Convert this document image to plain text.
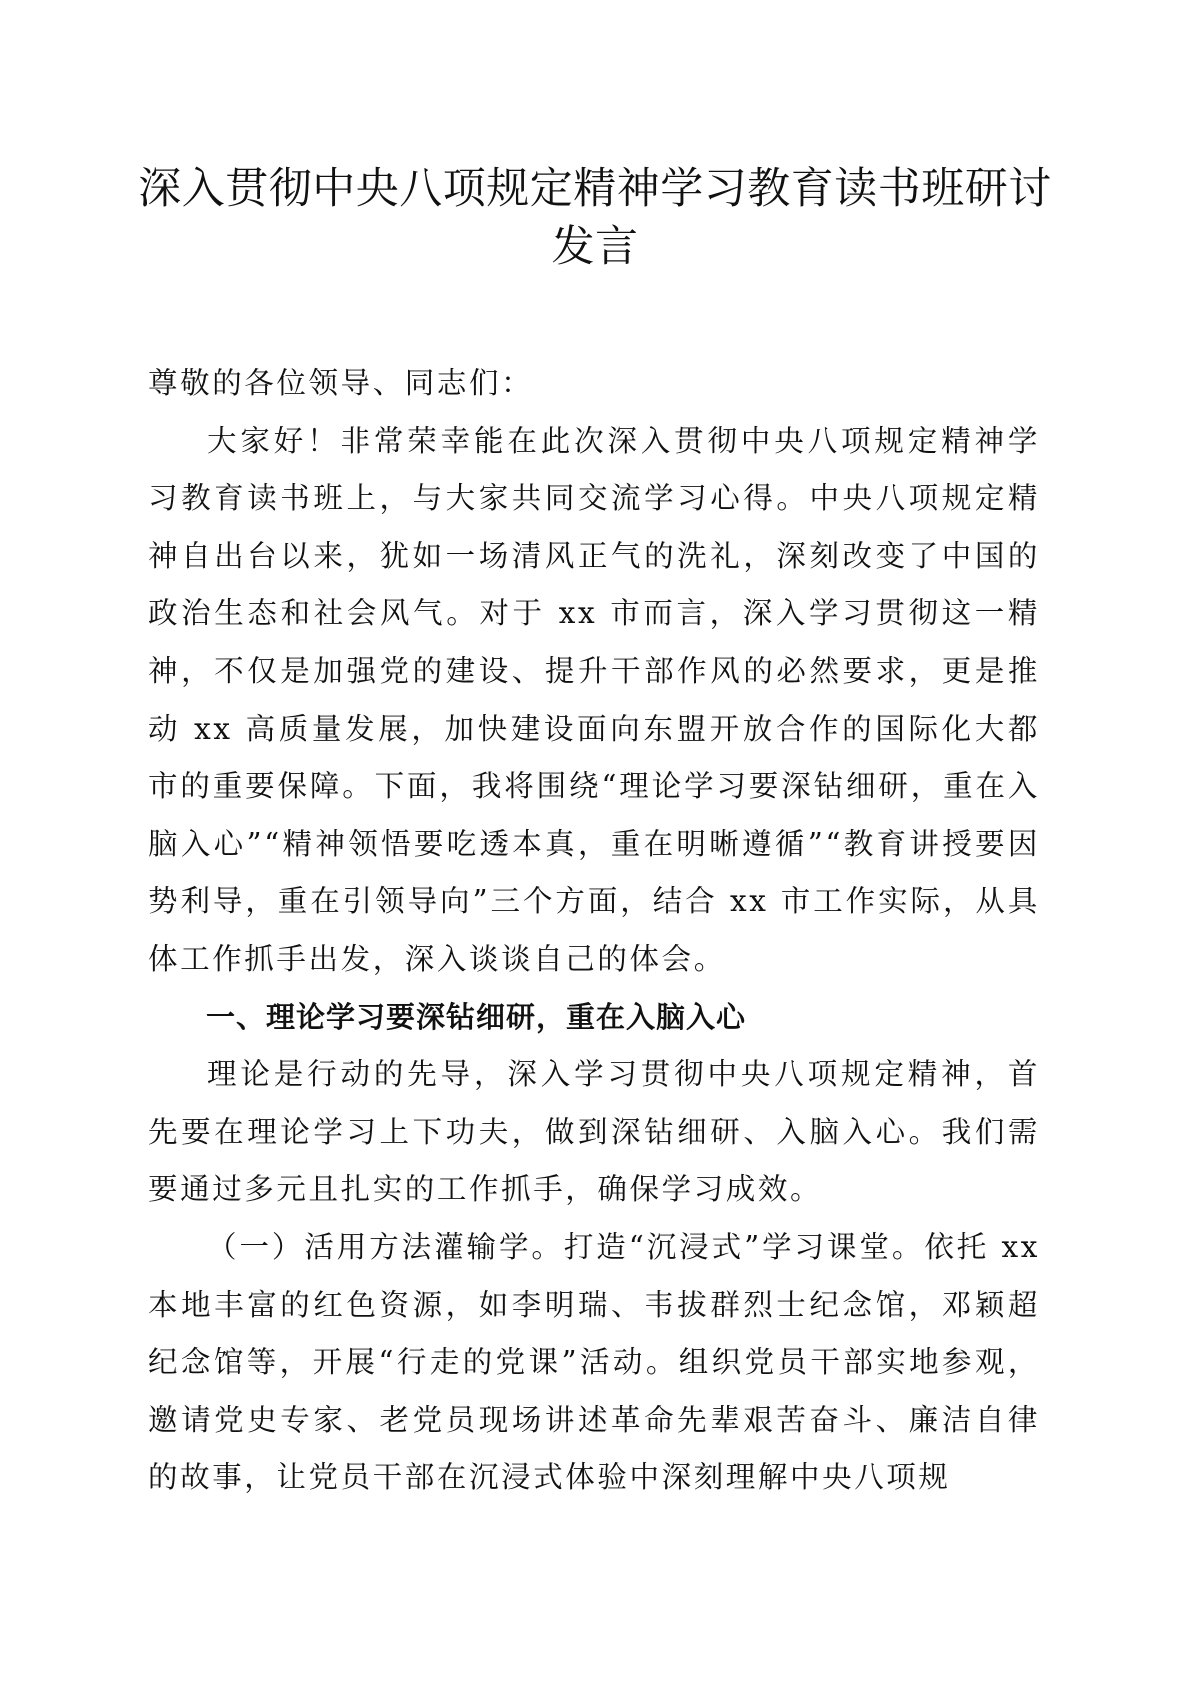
深入贯彻中央八项规定精神学习教育读书班研讨发言

尊敬的各位领导、同志们：

大家好！非常荣幸能在此次深入贯彻中央八项规定精神学习教育读书班上，与大家共同交流学习心得。中央八项规定精神自出台以来，犹如一场清风正气的洗礼，深刻改变了中国的政治生态和社会风气。对于 xx 市而言，深入学习贯彻这一精神，不仅是加强党的建设、提升干部作风的必然要求，更是推动 xx 高质量发展，加快建设面向东盟开放合作的国际化大都市的重要保障。下面，我将围绕“理论学习要深钻细研，重在入脑入心”“精神领悟要吃透本真，重在明晰遵循”“教育讲授要因势利导，重在引领导向”三个方面，结合 xx 市工作实际，从具体工作抓手出发，深入谈谈自己的体会。

一、理论学习要深钻细研，重在入脑入心

理论是行动的先导，深入学习贯彻中央八项规定精神，首先要在理论学习上下功夫，做到深钻细研、入脑入心。我们需要通过多元且扎实的工作抓手，确保学习成效。

（一）活用方法灌输学。打造“沉浸式”学习课堂。依托 xx 本地丰富的红色资源，如李明瑞、韦拔群烈士纪念馆，邓颖超纪念馆等，开展“行走的党课”活动。组织党员干部实地参观，邀请党史专家、老党员现场讲述革命先辈艰苦奋斗、廉洁自律的故事，让党员干部在沉浸式体验中深刻理解中央八项规
